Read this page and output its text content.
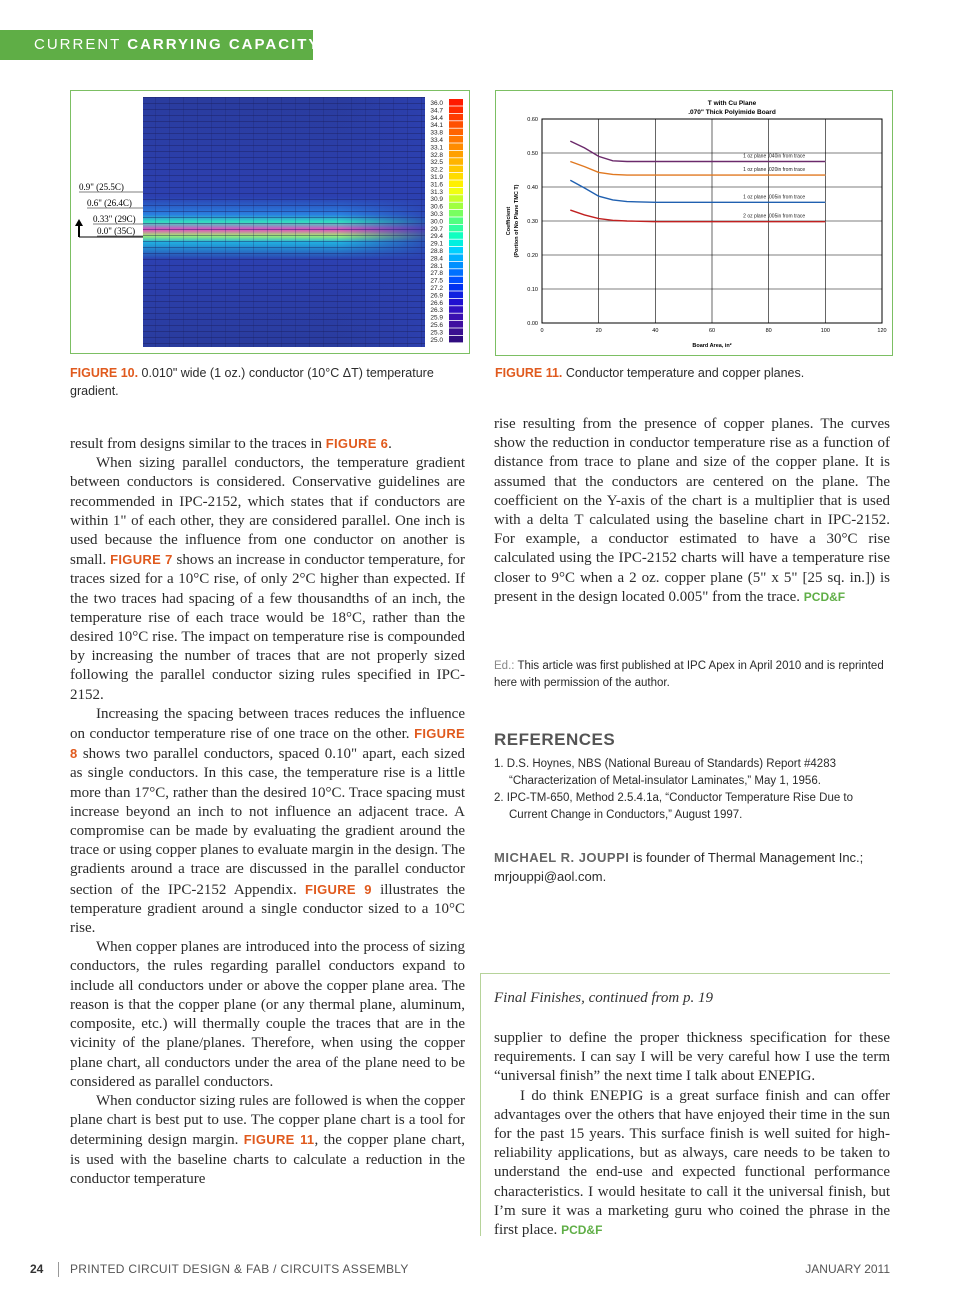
CURRENT CARRYING CAPACITY
36.0
34.7
34.4
34.1
33.8
33.4
33.1
32.8
32.5
32.2
31.9
31.6
31.3
30.9
30.6
30.3
30.0
29.7
29.4
29.1
28.8
28.4
28.1
27.8
27.5
27.2
26.9
26.6
26.3
25.9
25.6
25.3
25.0
0.9" (25.5C)
0.6" (26.4C)
0.33" (29C)
0.0" (35C)
FIGURE 10. 0.010" wide (1 oz.) conductor (10°C ΔT) temperature gradient.
T with Cu Plane
.070" Thick Polyimide Board
0.00
0.10
0.20
0.30
0.40
0.50
0.60
0	20	40	60	80	100	120
Board Area, in²
Coefficient (Portion of No Plane TMC T)
1 oz plane .040in from trace
1 oz plane .020in from trace
1 oz plane .005in from trace
2 oz plane .005in from trace
FIGURE 11. Conductor temperature and copper planes.

result from designs similar to the traces in FIGURE 6.

When sizing parallel conductors, the temperature gradient between conductors is considered. Conservative guidelines are recommended in IPC-2152, which states that if conductors are within 1" of each other, they are considered parallel. One inch is used because the influence from one conductor on another is small. FIGURE 7 shows an increase in conductor temperature, for traces sized for a 10°C rise, of only 2°C higher than expected. If the two traces had spacing of a few thousandths of an inch, the temperature rise of each trace would be 18°C, rather than the desired 10°C rise. The impact on temperature rise is compounded by increasing the number of traces that are not properly sized following the parallel conductor sizing rules specified in IPC-2152.

Increasing the spacing between traces reduces the influence on conductor temperature rise of one trace on the other. FIGURE 8 shows two parallel conductors, spaced 0.10" apart, each sized as single conductors. In this case, the temperature rise is a little more than 17°C, rather than the desired 10°C. Trace spacing must increase beyond an inch to not influence an adjacent trace. A compromise can be made by evaluating the gradient around the trace or using copper planes to evaluate margin in the design. The gradients around a trace are discussed in the parallel conductor section of the IPC-2152 Appendix. FIGURE 9 illustrates the temperature gradient around a single conductor sized to a 10°C rise.

When copper planes are introduced into the process of sizing conductors, the rules regarding parallel conductors expand to include all conductors under or above the copper plane area. The reason is that the copper plane (or any thermal plane, aluminum, composite, etc.) will thermally couple the traces that are in the vicinity of the plane/planes. Therefore, when using the copper plane chart, all conductors under the area of the plane need to be considered as parallel conductors.

When conductor sizing rules are followed is when the copper plane chart is best put to use. The copper plane chart is a tool for determining design margin. FIGURE 11, the copper plane chart, is used with the baseline charts to calculate a reduction in the conductor temperature

rise resulting from the presence of copper planes. The curves show the reduction in conductor temperature rise as a function of distance from trace to plane and size of the copper plane. It is assumed that the conductors are centered on the plane. The coefficient on the Y-axis of the chart is a multiplier that is used with a delta T calculated using the baseline chart in IPC-2152. For example, a conductor estimated to have a 30°C rise calculated using the IPC-2152 charts will have a temperature rise closer to 9°C when a 2 oz. copper plane (5" x 5" [25 sq. in.]) is present in the design located 0.005" from the trace. PCD&F

Ed.: This article was first published at IPC Apex in April 2010 and is reprinted here with permission of the author.
REFERENCES
1. D.S. Hoynes, NBS (National Bureau of Standards) Report #4283 “Characterization of Metal-insulator Laminates,” May 1, 1956.
2. IPC-TM-650, Method 2.5.4.1a, “Conductor Temperature Rise Due to Current Change in Conductors,” August 1997.
MICHAEL R. JOUPPI is founder of Thermal Management Inc.; mrjouppi@aol.com.
Final Finishes, continued from p. 19

supplier to define the proper thickness specification for these requirements. I can say I will be very careful how I use the term “universal finish” the next time I talk about ENEPIG.

I do think ENEPIG is a great surface finish and can offer advantages over the others that have enjoyed their time in the sun for the past 15 years. This surface finish is well suited for high-reliability applications, but as always, care needs to be taken to understand the end-use and expected functional performance characteristics. I would hesitate to call it the universal finish, but I’m sure it was a marketing guru who coined the phrase in the first place. PCD&F

24 PRINTED CIRCUIT DESIGN & FAB / CIRCUITS ASSEMBLY	JANUARY 2011
